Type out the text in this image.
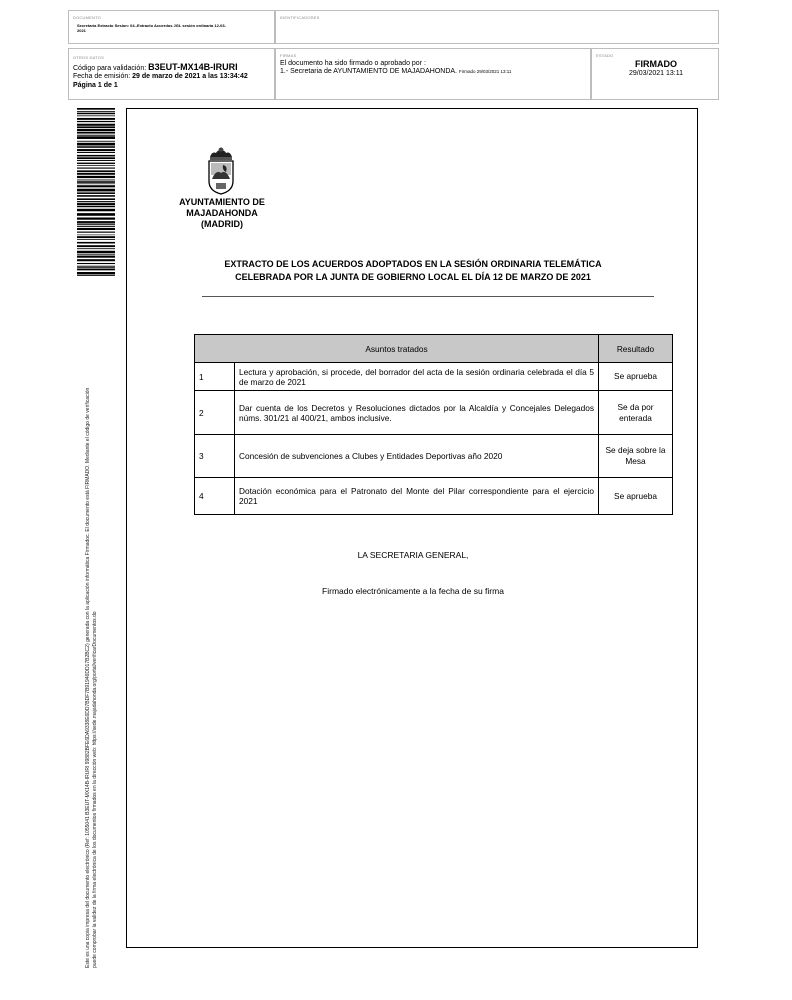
DOCUMENTO
Secretaría Extracto Sesion: 04.-Extracto Acuerdos JGL sesión ordinaria 12-03-2021
IDENTIFICADORES
OTROS DATOS
Código para validación: B3EUT-MX14B-IRURI
Fecha de emisión: 29 de marzo de 2021 a las 13:34:42
Página 1 de 1
FIRMAS
El documento ha sido firmado o aprobado por :
1.- Secretaria de AYUNTAMIENTO DE MAJADAHONDA. Firmado 29/03/2021 13:11
ESTADO
FIRMADO
29/03/2021 13:11
Este es una copia impresa del documento electrónico (Ref: 1055041 B3EUT-MX14B-IRURI 99882BFE6DA9338E6DD7BDF7B91946DD17B2BC2) generada con la aplicación informática Firmadoc. El documento está FIRMADO. Mediante el código de verificación puede comprobar la validez de la firma electrónica de los documentos firmados en la dirección web: https://sede.majadahonda.org/portal/verificarDocumentos.do
AYUNTAMIENTO DE
MAJADAHONDA
(MADRID)
EXTRACTO DE LOS ACUERDOS ADOPTADOS EN LA SESIÓN ORDINARIA TELEMÁTICA
CELEBRADA POR LA JUNTA DE GOBIERNO LOCAL EL DÍA 12 DE MARZO DE 2021
Asuntos tratados		Resultado
1	Lectura y aprobación, si procede, del borrador del acta de la sesión ordinaria celebrada el día 5 de marzo de 2021	Se aprueba
2	Dar cuenta de los Decretos y Resoluciones dictados por la Alcaldía y Concejales Delegados núms. 301/21 al 400/21, ambos inclusive.	Se da por enterada
3	Concesión de subvenciones a Clubes y Entidades Deportivas año 2020	Se deja sobre la Mesa
4	Dotación económica para el Patronato del Monte del Pilar correspondiente para el ejercicio 2021	Se aprueba
LA SECRETARIA GENERAL,
Firmado electrónicamente a la fecha de su firma
